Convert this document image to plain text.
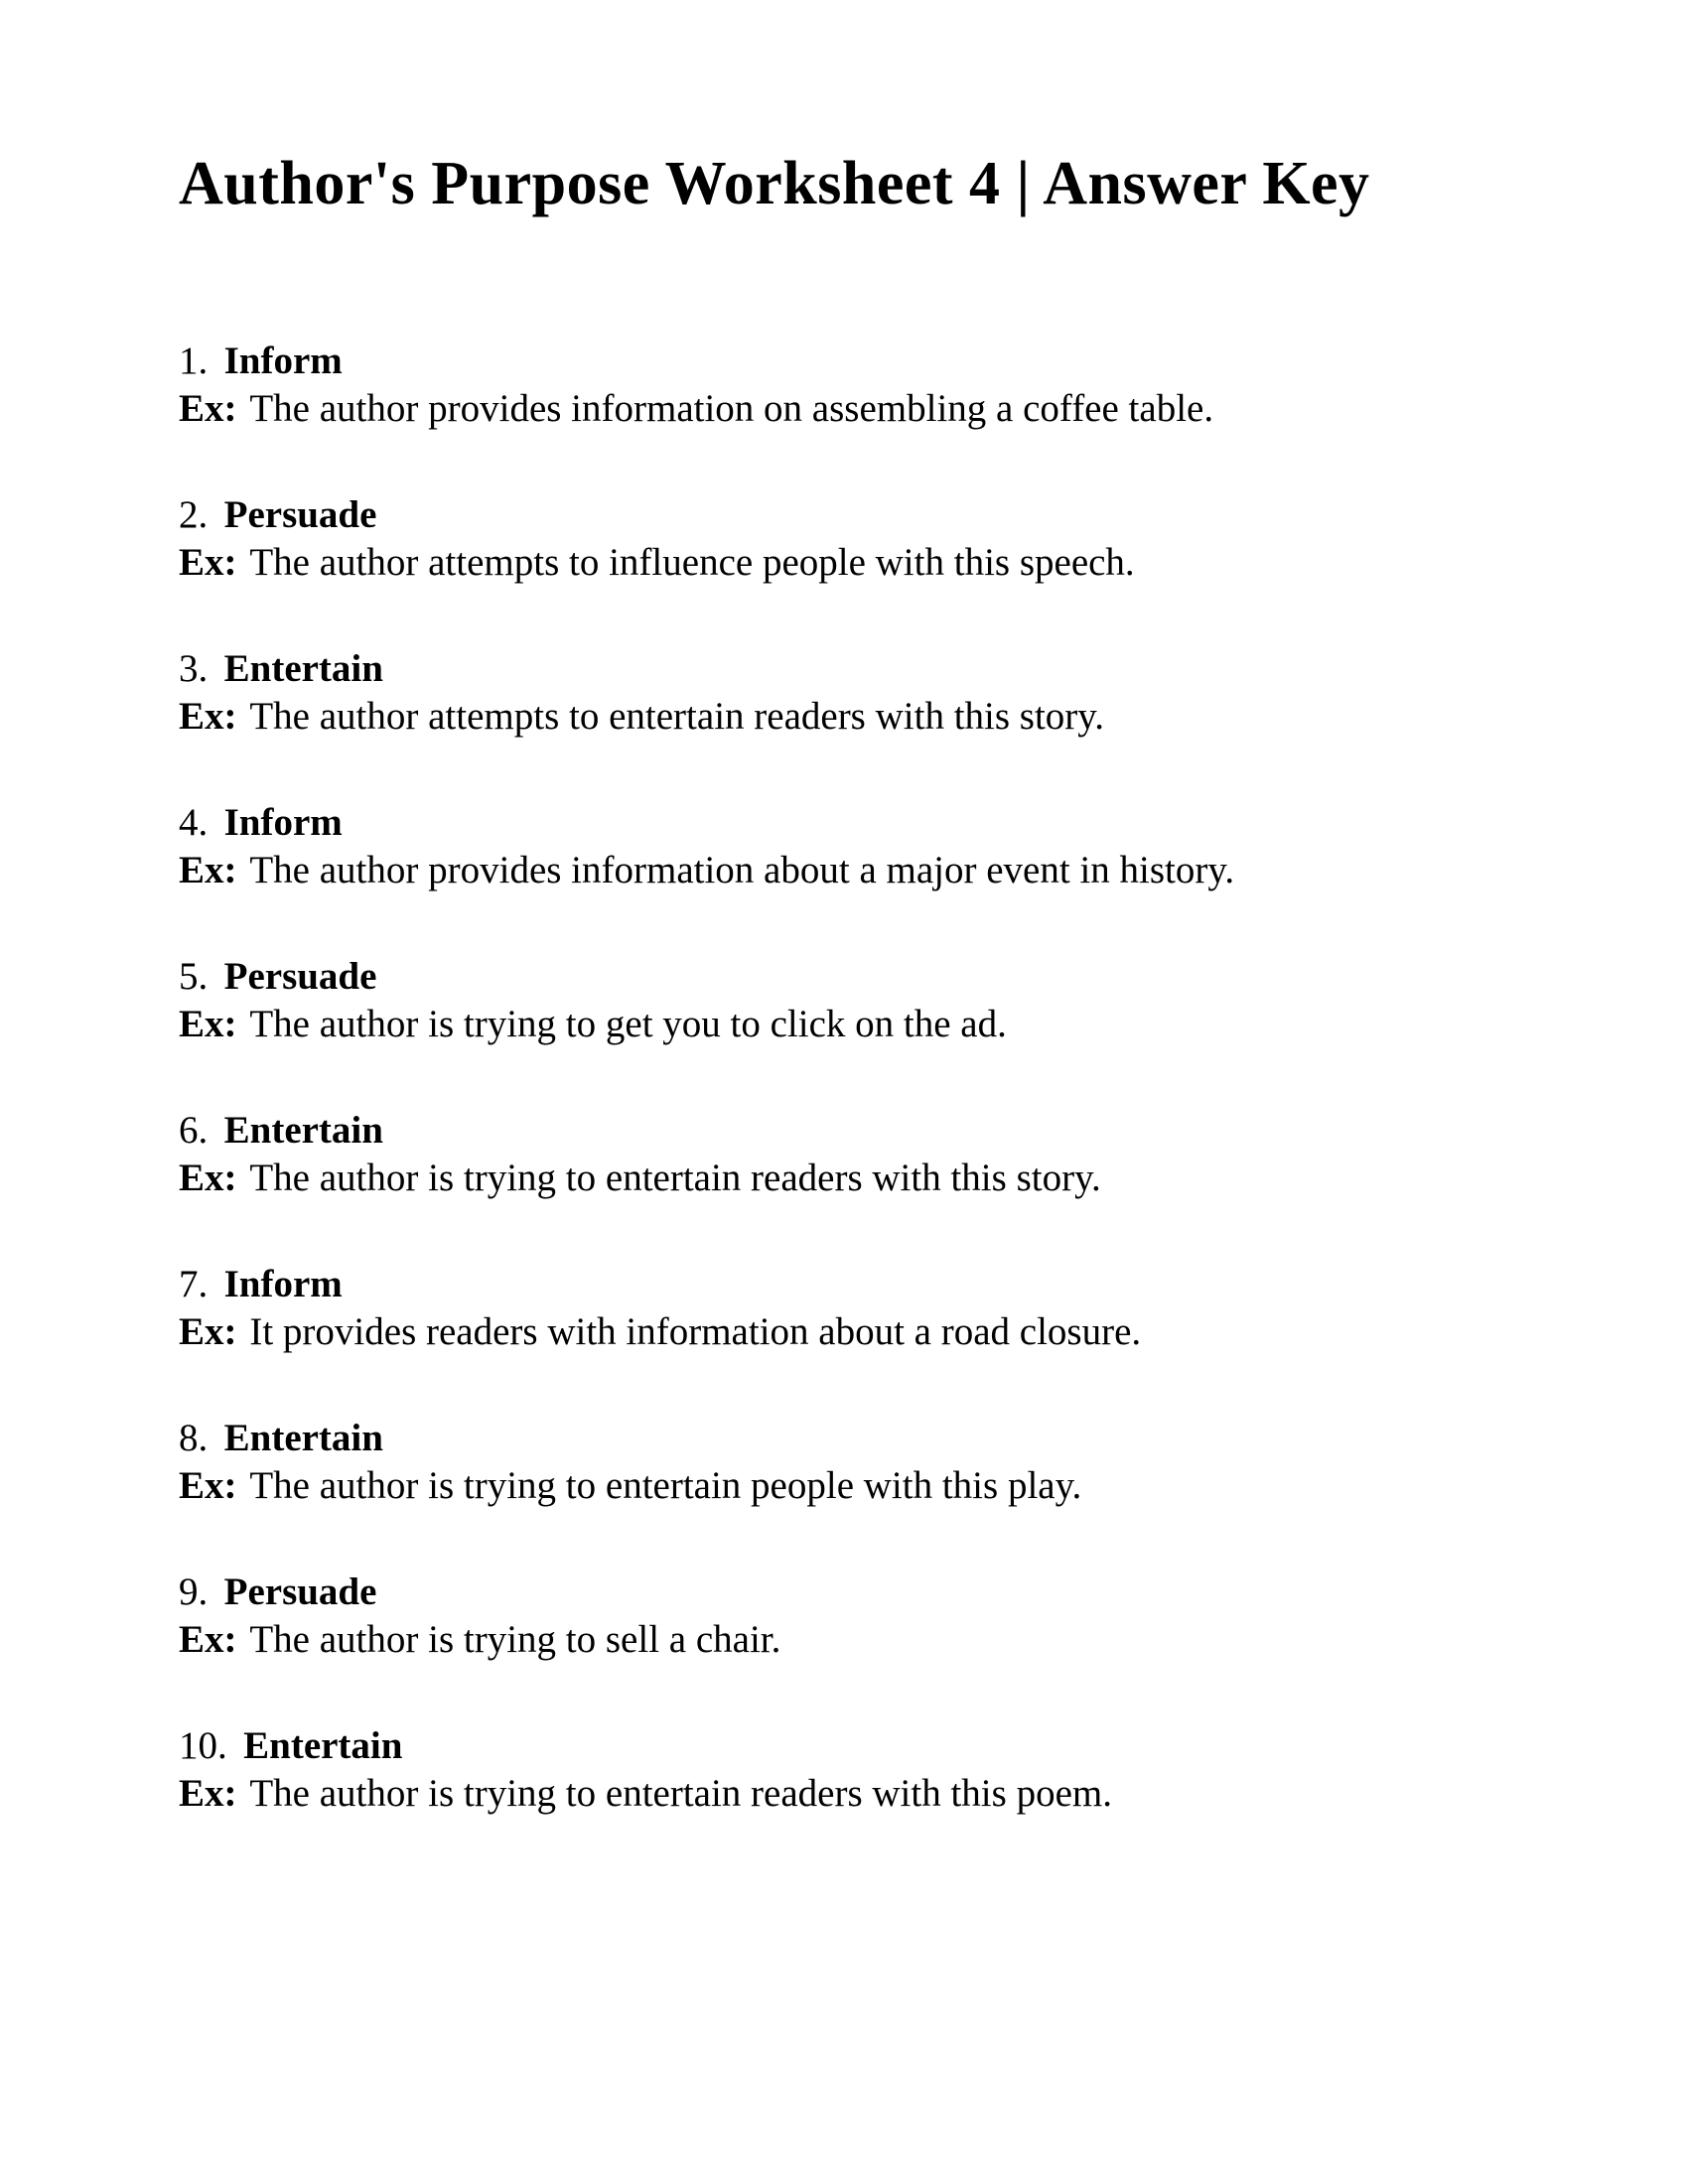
Author's Purpose Worksheet 4 | Answer Key
1. Inform
Ex: The author provides information on assembling a coffee table.
2. Persuade
Ex: The author attempts to influence people with this speech.
3. Entertain
Ex: The author attempts to entertain readers with this story.
4. Inform
Ex: The author provides information about a major event in history.
5. Persuade
Ex: The author is trying to get you to click on the ad.
6. Entertain
Ex: The author is trying to entertain readers with this story.
7. Inform
Ex: It provides readers with information about a road closure.
8. Entertain
Ex: The author is trying to entertain people with this play.
9. Persuade
Ex: The author is trying to sell a chair.
10. Entertain
Ex: The author is trying to entertain readers with this poem.
